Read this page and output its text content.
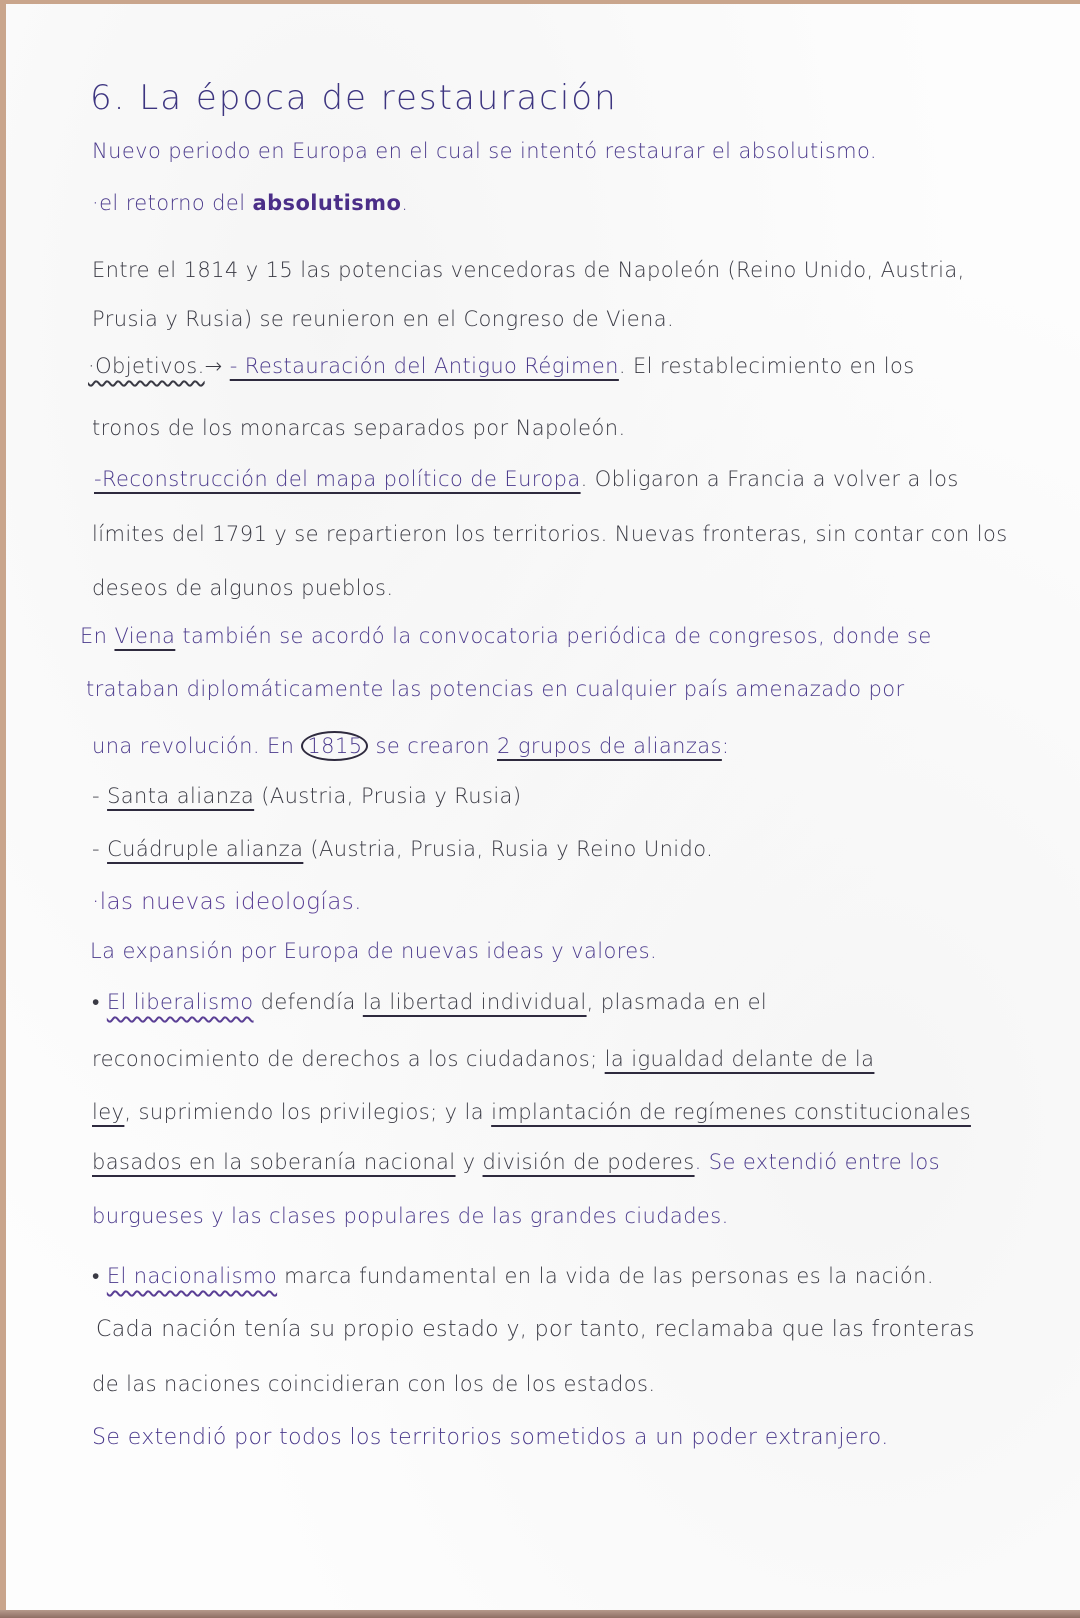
6. La época de restauración
Nuevo periodo en Europa en el cual se intentó restaurar el absolutismo.
·el retorno del absolutismo.
Entre el 1814 y 15 las potencias vencedoras de Napoleón (Reino Unido, Austria,
Prusia y Rusia) se reunieron en el Congreso de Viena.
·Objetivos.→ - Restauración del Antiguo Régimen. El restablecimiento en los
tronos de los monarcas separados por Napoleón.
-Reconstrucción del mapa político de Europa. Obligaron a Francia a volver a los
límites del 1791 y se repartieron los territorios. Nuevas fronteras, sin contar con los
deseos de algunos pueblos.
En Viena también se acordó la convocatoria periódica de congresos, donde se
trataban diplomáticamente las potencias en cualquier país amenazado por
una revolución. En 1815 se crearon 2 grupos de alianzas:
- Santa alianza (Austria, Prusia y Rusia)
- Cuádruple alianza (Austria, Prusia, Rusia y Reino Unido.
·las nuevas ideologías.
La expansión por Europa de nuevas ideas y valores.
• El liberalismo defendía la libertad individual, plasmada en el
reconocimiento de derechos a los ciudadanos; la igualdad delante de la
ley, suprimiendo los privilegios; y la implantación de regímenes constitucionales
basados en la soberanía nacional y división de poderes. Se extendió entre los
burgueses y las clases populares de las grandes ciudades.
• El nacionalismo marca fundamental en la vida de las personas es la nación.
Cada nación tenía su propio estado y, por tanto, reclamaba que las fronteras
de las naciones coincidieran con los de los estados.
Se extendió por todos los territorios sometidos a un poder extranjero.
